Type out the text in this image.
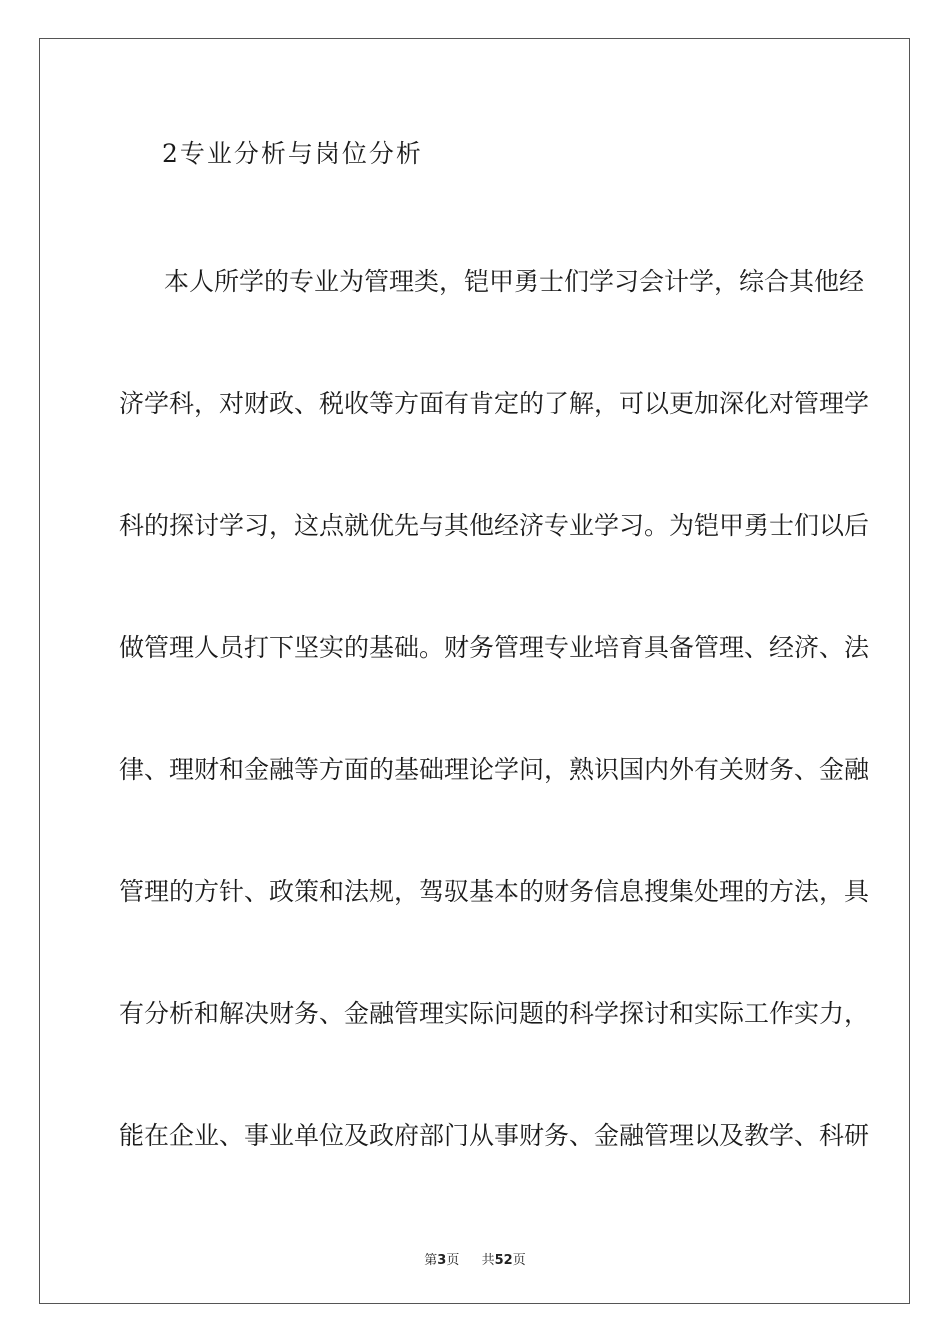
2专业分析与岗位分析
本人所学的专业为管理类，铠甲勇士们学习会计学，综合其他经
济学科，对财政、税收等方面有肯定的了解，可以更加深化对管理学
科的探讨学习，这点就优先与其他经济专业学习。为铠甲勇士们以后
做管理人员打下坚实的基础。财务管理专业培育具备管理、经济、法
律、理财和金融等方面的基础理论学问，熟识国内外有关财务、金融
管理的方针、政策和法规，驾驭基本的财务信息搜集处理的方法，具
有分析和解决财务、金融管理实际问题的科学探讨和实际工作实力，
能在企业、事业单位及政府部门从事财务、金融管理以及教学、科研
第3页 共52页
